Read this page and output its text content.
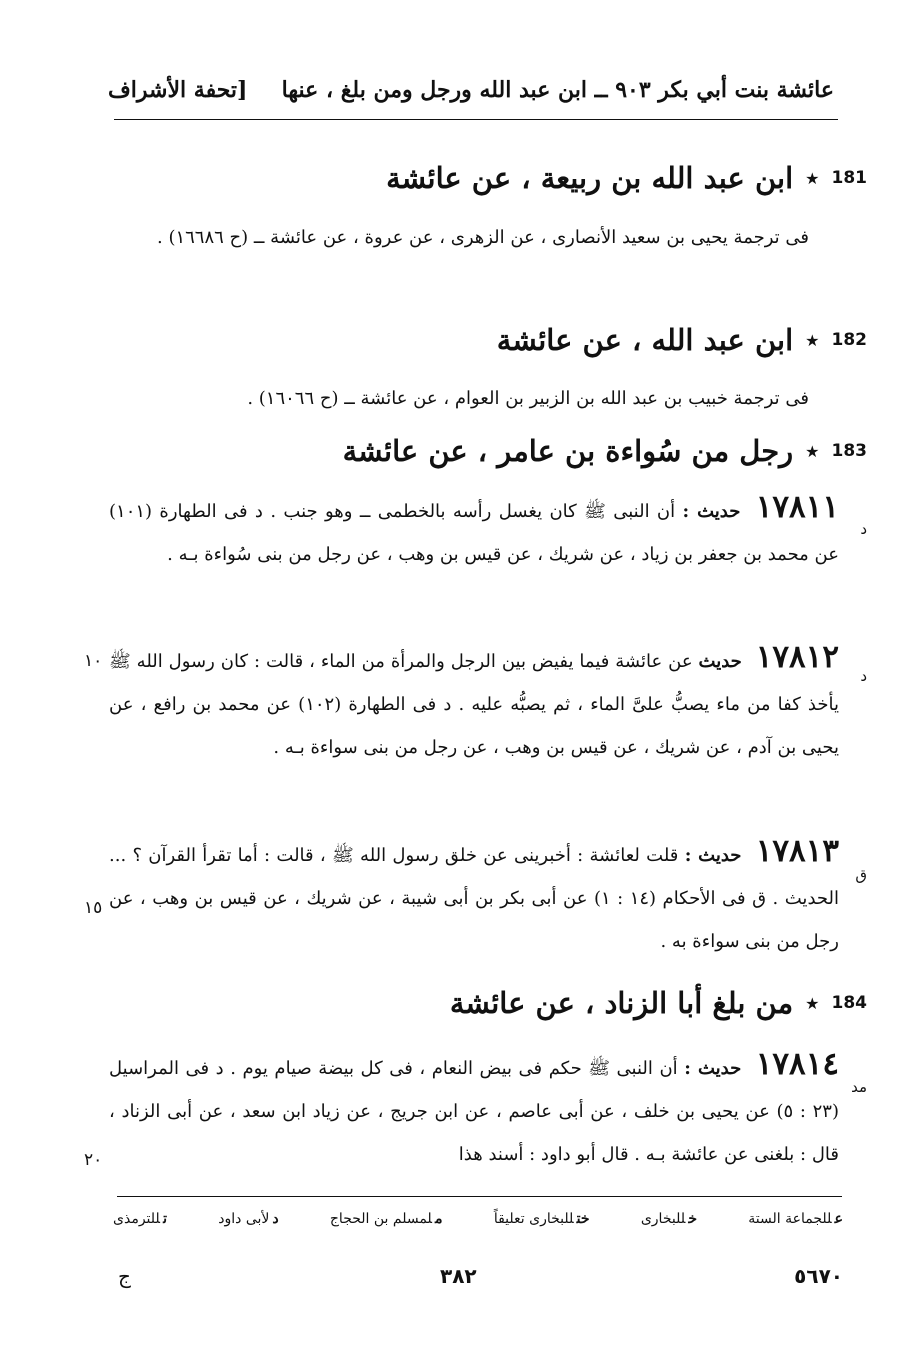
عائشة بنت أبي بكر ٩٠٣ ــ ابن عبد الله ورجل ومن بلغ ، عنها
[تحفة الأشراف
181
★
ابن عبد الله بن ربيعة ، عن عائشة
فى ترجمة يحيى بن سعيد الأنصارى ، عن الزهرى ، عن عروة ، عن عائشة ــ (ح ١٦٦٨٦) .
182
★
ابن عبد الله ، عن عائشة
فى ترجمة خبيب بن عبد الله بن الزبير بن العوام ، عن عائشة ــ (ح ١٦٠٦٦) .
183
★
رجل من سُواءة بن عامر ، عن عائشة
١٧٨١١ حديث : أن النبى ﷺ كان يغسل رأسه بالخطمى ــ وهو جنب . د فى الطهارة (١٠١) عن محمد بن جعفر بن زياد ، عن شريك ، عن قيس بن وهب ، عن رجل من بنى سُواءة بـه .
د
١٧٨١٢ حديث عن عائشة فيما يفيض بين الرجل والمرأة من الماء ، قالت : كان رسول الله ﷺ يأخذ كفا من ماء يصبُّ علىَّ الماء ، ثم يصبُّه عليه . د فى الطهارة (١٠٢) عن محمد بن رافع ، عن يحيى بن آدم ، عن شريك ، عن قيس بن وهب ، عن رجل من بنى سواءة بـه .
د
١٠
١٧٨١٣ حديث : قلت لعائشة : أخبرينى عن خلق رسول الله ﷺ ، قالت : أما تقرأ القرآن ؟ ... الحديث . ق فى الأحكام (١٤ : ١) عن أبى بكر بن أبى شيبة ، عن شريك ، عن قيس بن وهب ، عن رجل من بنى سواءة به .
ق
١٥
184
★
من بلغ أبا الزناد ، عن عائشة
١٧٨١٤ حديث : أن النبى ﷺ حكم فى بيض النعام ، فى كل بيضة صيام يوم . د فى المراسيل (٢٣ : ٥) عن يحيى بن خلف ، عن أبى عاصم ، عن ابن جريج ، عن زياد ابن سعد ، عن أبى الزناد ، قال : بلغنى عن عائشة بـه . قال أبو داود : أسند هذا
مد
٢٠
عللجماعة الستة
خللبخارى
ختللبخارى تعليقاً
ملمسلم بن الحجاج
دلأبى داود
تللترمذى
٥٦٧٠
٣٨٢
ج
